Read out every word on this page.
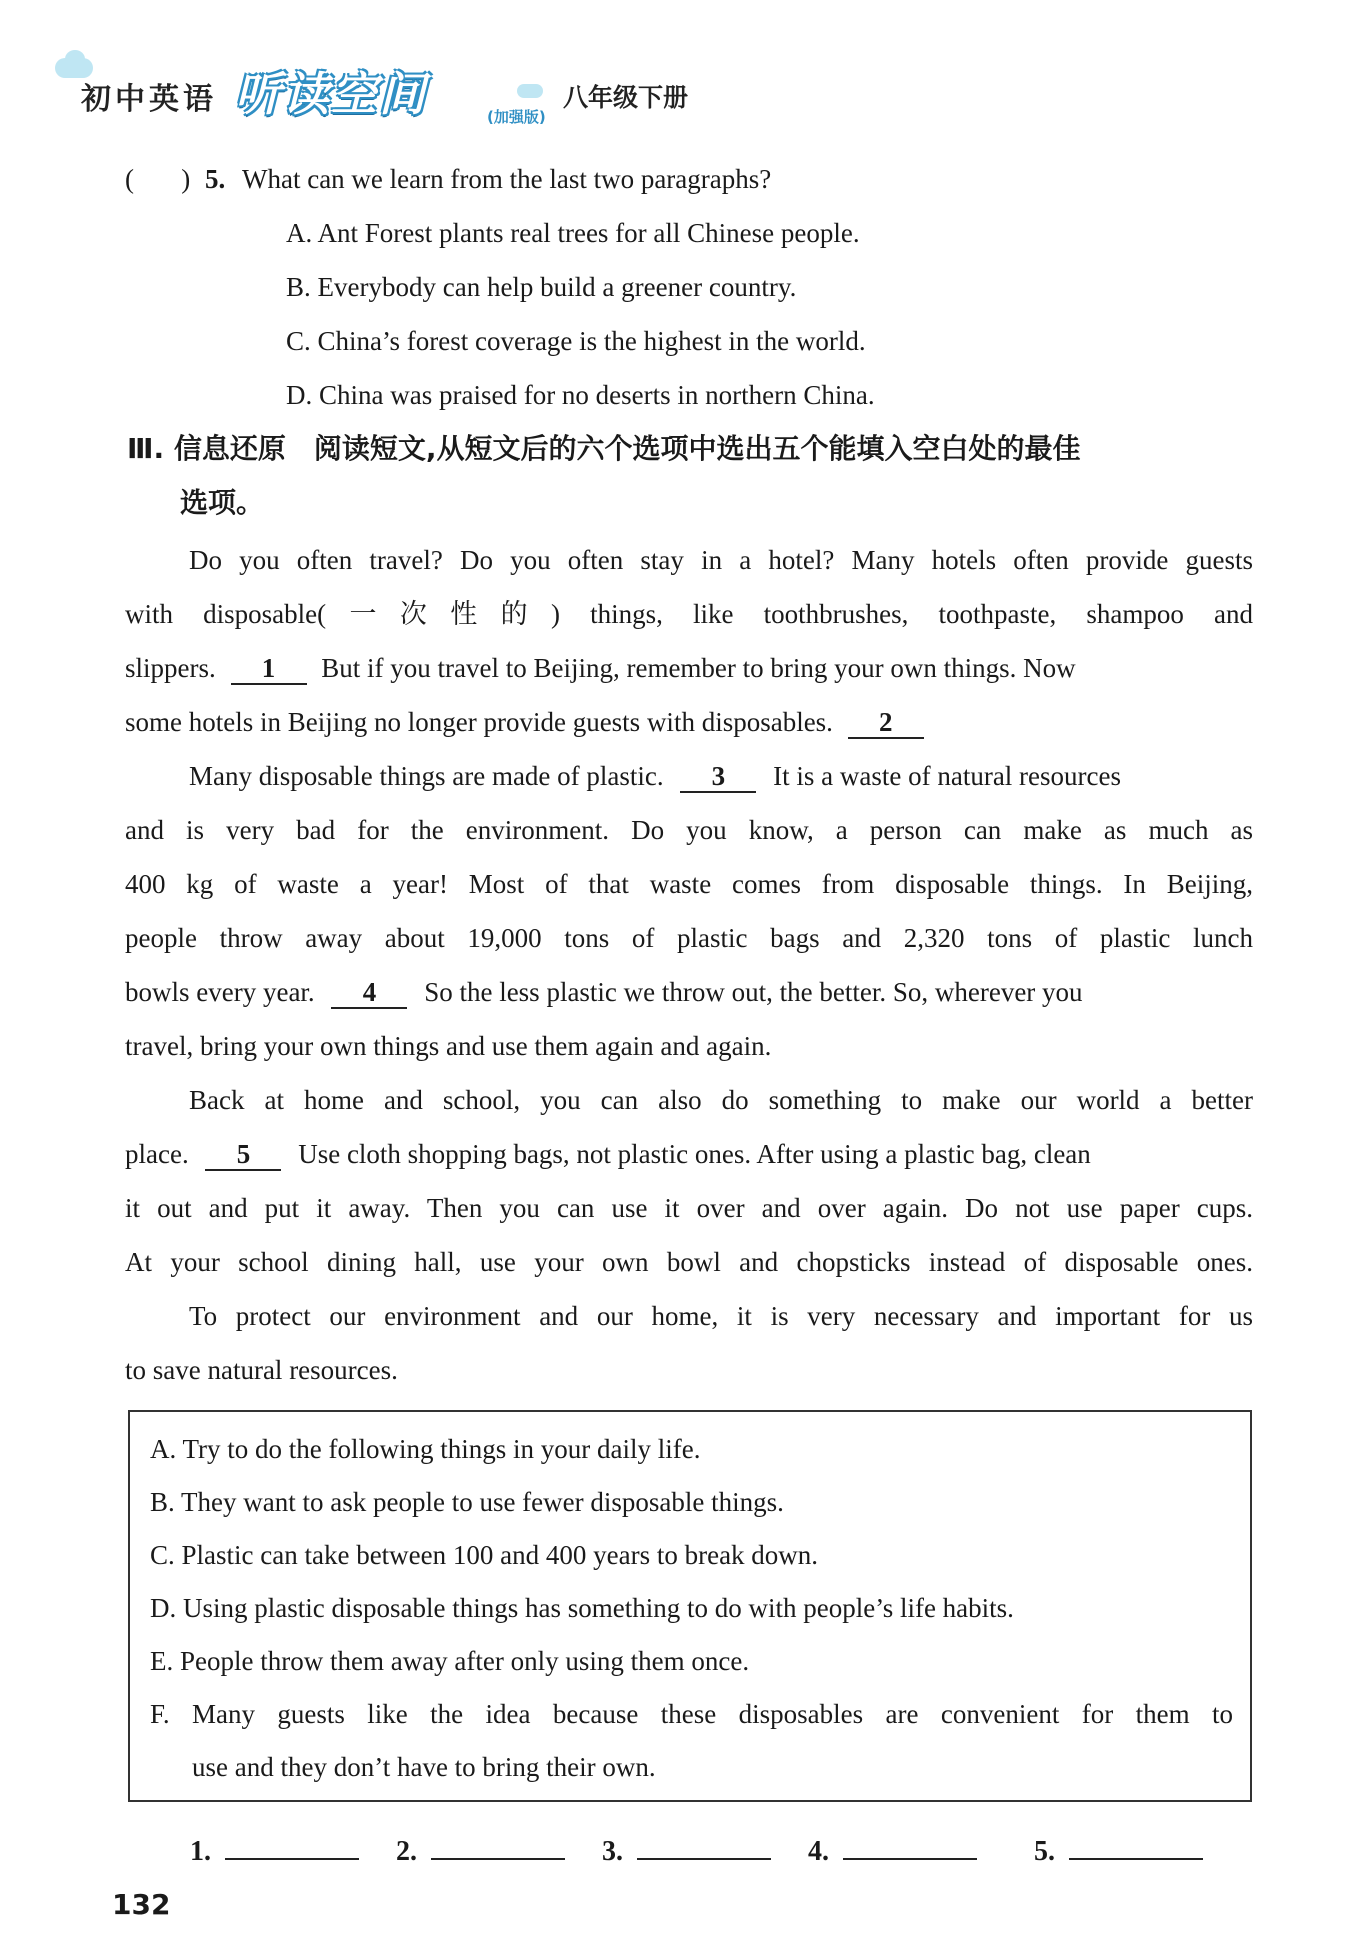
初中英语 听读空间	(加强版)
八年级下册
(       ) 5. What can we learn from the last two paragraphs?
A. Ant Forest plants real trees for all Chinese people.
B. Everybody can help build a greener country.
C. China’s forest coverage is the highest in the world.
D. China was praised for no deserts in northern China.
Ⅲ. 信息还原　阅读短文,从短文后的六个选项中选出五个能填入空白处的最佳
选项。
Do you often travel? Do you often stay in a hotel? Many hotels often provide guests
with disposable(一次性的) things, like toothbrushes, toothpaste, shampoo and
slippers. 1 But if you travel to Beijing, remember to bring your own things. Now
some hotels in Beijing no longer provide guests with disposables. 2
Many disposable things are made of plastic. 3 It is a waste of natural resources
and is very bad for the environment. Do you know, a person can make as much as
400 kg of waste a year! Most of that waste comes from disposable things. In Beijing,
people throw away about 19,000 tons of plastic bags and 2,320 tons of plastic lunch
bowls every year. 4 So the less plastic we throw out, the better. So, wherever you
travel, bring your own things and use them again and again.
Back at home and school, you can also do something to make our world a better
place. 5 Use cloth shopping bags, not plastic ones. After using a plastic bag, clean
it out and put it away. Then you can use it over and over again. Do not use paper cups.
At your school dining hall, use your own bowl and chopsticks instead of disposable ones.
To protect our environment and our home, it is very necessary and important for us
to save natural resources.
A. Try to do the following things in your daily life.
B. They want to ask people to use fewer disposable things.
C. Plastic can take between 100 and 400 years to break down.
D. Using plastic disposable things has something to do with people’s life habits.
E. People throw them away after only using them once.
F. Many guests like the idea because these disposables are convenient for them to
use and they don’t have to bring their own.
1.	2.	3.	4.	5.
132
